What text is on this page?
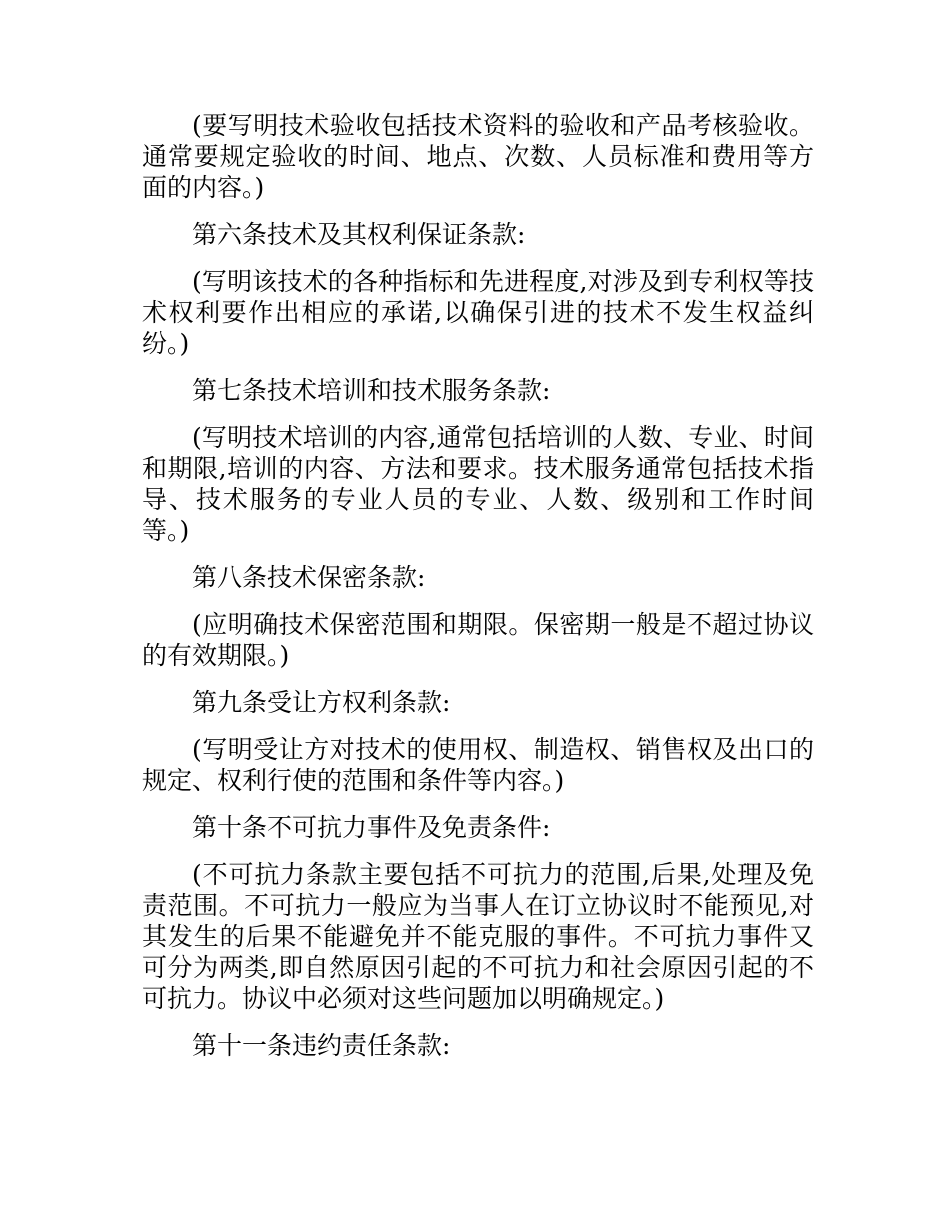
(要写明技术验收包括技术资料的验收和产品考核验收。通常要规定验收的时间、地点、次数、人员标准和费用等方面的内容。)

第六条技术及其权利保证条款:

(写明该技术的各种指标和先进程度,对涉及到专利权等技术权利要作出相应的承诺,以确保引进的技术不发生权益纠纷。)

第七条技术培训和技术服务条款:

(写明技术培训的内容,通常包括培训的人数、专业、时间和期限,培训的内容、方法和要求。技术服务通常包括技术指导、技术服务的专业人员的专业、人数、级别和工作时间等。)

第八条技术保密条款:

(应明确技术保密范围和期限。保密期一般是不超过协议的有效期限。)

第九条受让方权利条款:

(写明受让方对技术的使用权、制造权、销售权及出口的规定、权利行使的范围和条件等内容。)

第十条不可抗力事件及免责条件:

(不可抗力条款主要包括不可抗力的范围,后果,处理及免责范围。不可抗力一般应为当事人在订立协议时不能预见,对其发生的后果不能避免并不能克服的事件。不可抗力事件又可分为两类,即自然原因引起的不可抗力和社会原因引起的不可抗力。协议中必须对这些问题加以明确规定。)

第十一条违约责任条款:
